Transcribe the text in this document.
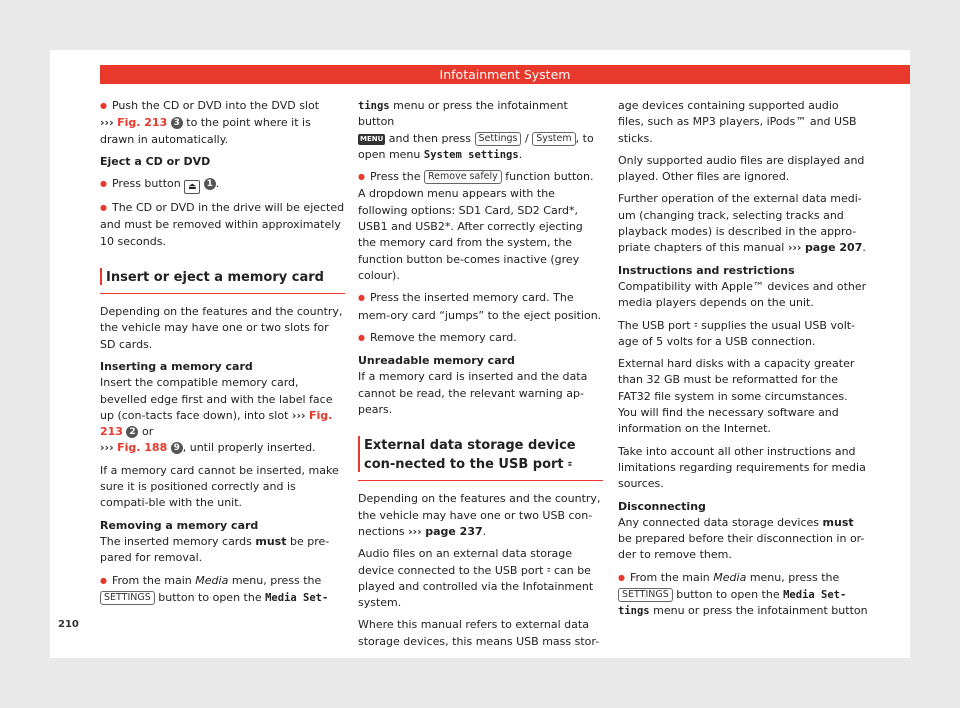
Infotainment System

● Push the CD or DVD into the DVD slot
››› Fig. 213 3 to the point where it is drawn in automatically.

Eject a CD or DVD

● Press button ⏏ 1 .

● The CD or DVD in the drive will be ejected and must be removed within approximately 10 seconds.

Insert or eject a memory card

Depending on the features and the country, the vehicle may have one or two slots for SD cards.

Inserting a memory card

Insert the compatible memory card, bevelled edge first and with the label face up (con-tacts face down), into slot ››› Fig. 213 2 or
››› Fig. 188 9 , until properly inserted.

If a memory card cannot be inserted, make sure it is positioned correctly and is compati-ble with the unit.

Removing a memory card

The inserted memory cards must be pre-pared for removal.

● From the main Media menu, press the
SETTINGS button to open the Media Set-

tings menu or press the infotainment button
MENU and then press Settings / System , to open menu System settings.

● Press the Remove safely function button. A dropdown menu appears with the following options: SD1 Card, SD2 Card*, USB1 and USB2*. After correctly ejecting the memory card from the system, the function button be-comes inactive (grey colour).

● Press the inserted memory card. The mem-ory card “jumps” to the eject position.

● Remove the memory card.

Unreadable memory card

If a memory card is inserted and the data cannot be read, the relevant warning ap-pears.

External data storage device con-nected to the USB port ⹀

Depending on the features and the country, the vehicle may have one or two USB con-nections ››› page 237.

Audio files on an external data storage device connected to the USB port ⹀ can be played and controlled via the Infotainment system.

Where this manual refers to external data storage devices, this means USB mass stor-

age devices containing supported audio files, such as MP3 players, iPods™ and USB sticks.

Only supported audio files are displayed and played. Other files are ignored.

Further operation of the external data medi-um (changing track, selecting tracks and playback modes) is described in the appro-priate chapters of this manual ››› page 207.

Instructions and restrictions

Compatibility with Apple™ devices and other media players depends on the unit.

The USB port ⹀ supplies the usual USB volt-age of 5 volts for a USB connection.

External hard disks with a capacity greater than 32 GB must be reformatted for the FAT32 file system in some circumstances. You will find the necessary software and information on the Internet.

Take into account all other instructions and limitations regarding requirements for media sources.

Disconnecting

Any connected data storage devices must be prepared before their disconnection in or-der to remove them.

● From the main Media menu, press the
SETTINGS button to open the Media Set-tings menu or press the infotainment button

210
